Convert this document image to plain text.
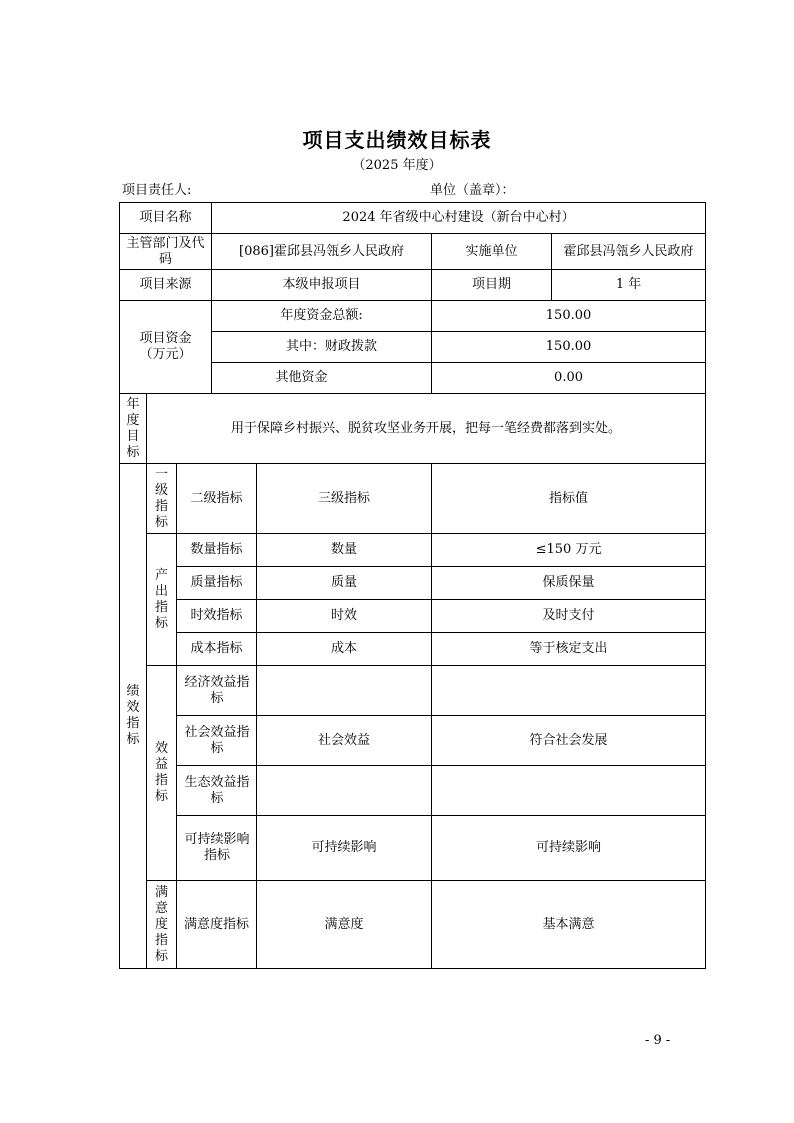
项目支出绩效目标表
（2025 年度）
项目责任人:	单位（盖章）：
项目名称			2024 年省级中心村建设（新台中心村）			
主管部门及代码			[086]霍邱县冯瓴乡人民政府		实施单位	霍邱县冯瓴乡人民政府
项目来源			本级申报项目		项目期	1 年

项目资金（万元）			年度资金总额:		150.00	
			其中：财政拨款		150.00	
			其他资金		0.00	

年度目标	用于保障乡村振兴、脱贫攻坚业务开展，把每一笔经费都落到实处。					

绩效指标	一级指标	二级指标		三级指标	指标值	

	产出指标	数量指标		数量	≤150 万元	
		质量指标		质量	保质保量	
		时效指标		时效	及时支付	
		成本指标		成本	等于核定支出	

	效益指标	经济效益指标				

		社会效益指标		社会效益	符合社会发展	

		生态效益指标				

		可持续影响指标		可持续影响	可持续影响	

	满意度指标	满意度指标		满意度	基本满意	
- 9 -
